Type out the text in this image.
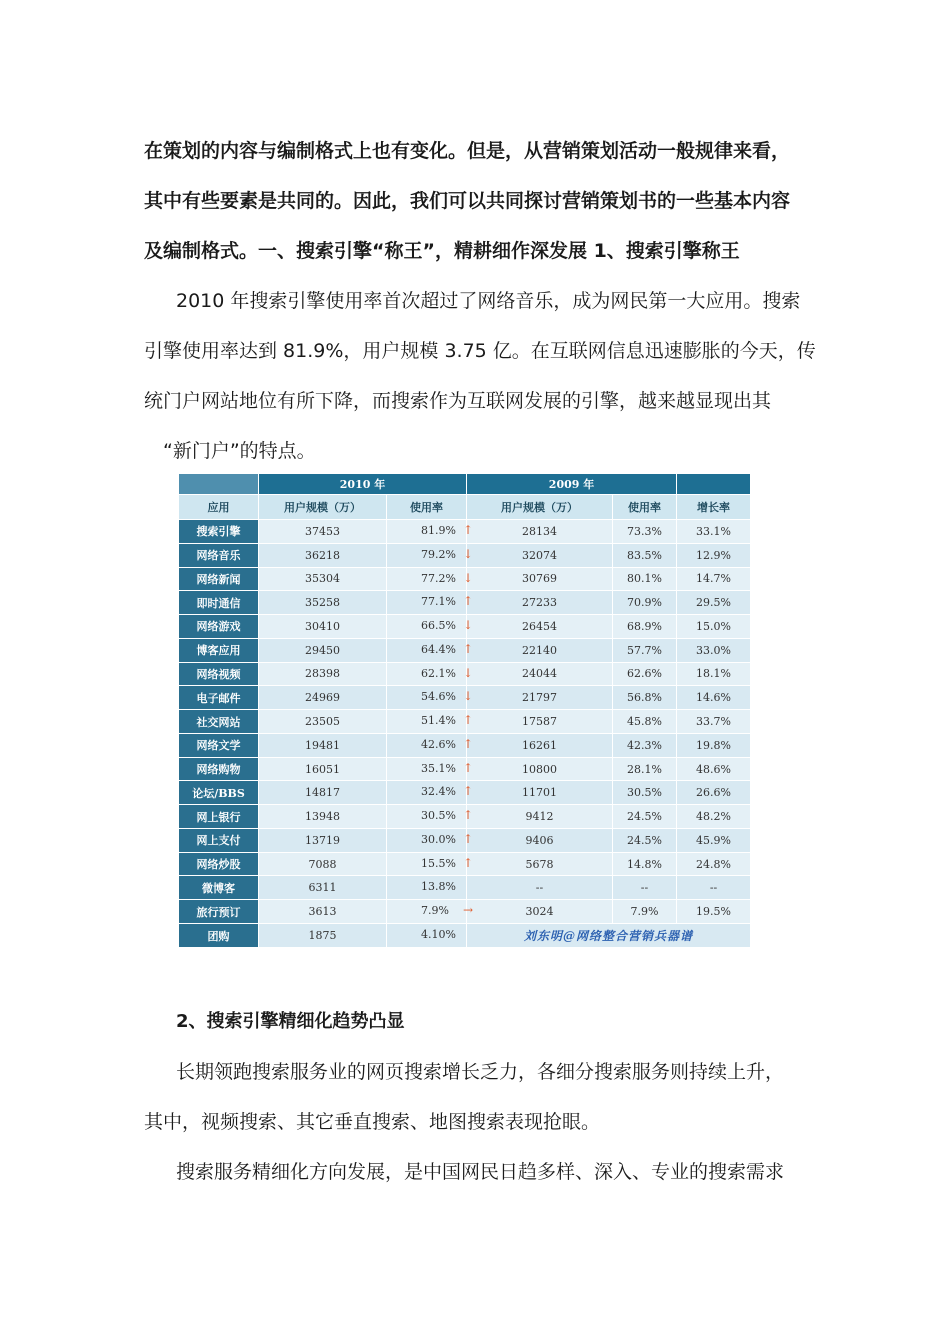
在策划的内容与编制格式上也有变化。但是，从营销策划活动一般规律来看，
其中有些要素是共同的。因此，我们可以共同探讨营销策划书的一些基本内容
及编制格式。一、搜索引擎“称王”，精耕细作深发展 1、搜索引擎称王
2010 年搜索引擎使用率首次超过了网络音乐，成为网民第一大应用。搜索
引擎使用率达到 81.9%，用户规模 3.75 亿。在互联网信息迅速膨胀的今天，传
统门户网站地位有所下降，而搜索作为互联网发展的引擎，越来越显现出其
“新门户”的特点。
	2010 年		2009 年		
应用	用户规模（万）	使用率	用户规模（万）	使用率	增长率
搜索引擎	37453	81.9% ↑	28134	73.3%	33.1%
网络音乐	36218	79.2% ↓	32074	83.5%	12.9%
网络新闻	35304	77.2% ↓	30769	80.1%	14.7%
即时通信	35258	77.1% ↑	27233	70.9%	29.5%
网络游戏	30410	66.5% ↓	26454	68.9%	15.0%
博客应用	29450	64.4% ↑	22140	57.7%	33.0%
网络视频	28398	62.1% ↓	24044	62.6%	18.1%
电子邮件	24969	54.6% ↓	21797	56.8%	14.6%
社交网站	23505	51.4% ↑	17587	45.8%	33.7%
网络文学	19481	42.6% ↑	16261	42.3%	19.8%
网络购物	16051	35.1% ↑	10800	28.1%	48.6%
论坛/BBS	14817	32.4% ↑	11701	30.5%	26.6%
网上银行	13948	30.5% ↑	9412	24.5%	48.2%
网上支付	13719	30.0% ↑	9406	24.5%	45.9%
网络炒股	7088	15.5% ↑	5678	14.8%	24.8%
微博客	6311	13.8%	--	--	--
旅行预订	3613	7.9% →	3024	7.9%	19.5%
团购	1875	4.10%	刘东明@网络整合营销兵器谱		
2、搜索引擎精细化趋势凸显
长期领跑搜索服务业的网页搜索增长乏力，各细分搜索服务则持续上升，
其中，视频搜索、其它垂直搜索、地图搜索表现抢眼。
搜索服务精细化方向发展，是中国网民日趋多样、深入、专业的搜索需求
